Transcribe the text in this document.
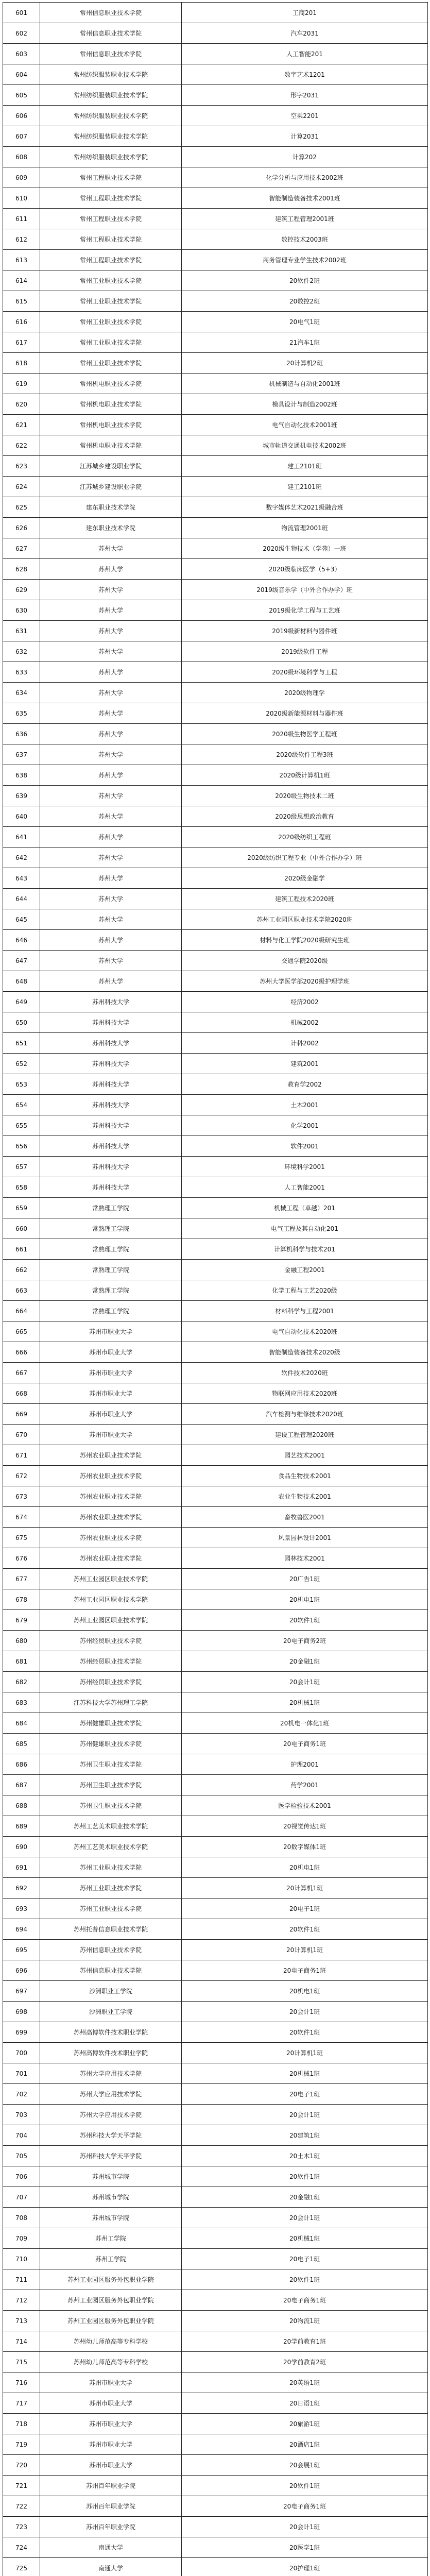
601	常州信息职业技术学院	工商201
602	常州信息职业技术学院	汽车2031
603	常州信息职业技术学院	人工智能201
604	常州纺织服装职业技术学院	数字艺术1201
605	常州纺织服装职业技术学院	形字2031
606	常州纺织服装职业技术学院	空乘2201
607	常州纺织服装职业技术学院	计算2031
608	常州纺织服装职业技术学院	计算202
609	常州工程职业技术学院	化学分析与应用技术2002班
610	常州工程职业技术学院	智能制造装备技术2001班
611	常州工程职业技术学院	建筑工程管理2001班
612	常州工程职业技术学院	数控技术2003班
613	常州工程职业技术学院	商务管理专业学生技术2002班
614	常州工业职业技术学院	20软件2班
615	常州工业职业技术学院	20数控2班
616	常州工业职业技术学院	20电气1班
617	常州工业职业技术学院	21汽车1班
618	常州工业职业技术学院	20计算机2班
619	常州机电职业技术学院	机械制造与自动化2001班
620	常州机电职业技术学院	模具设计与制造2002班
621	常州机电职业技术学院	电气自动化技术2001班
622	常州机电职业技术学院	城市轨道交通机电技术2002班
623	江苏城乡建设职业学院	建工2101班
624	江苏城乡建设职业学院	建工2101班
625	建东职业技术学院	数字媒体艺术2021级融合班
626	建东职业技术学院	物流管理2001班
627	苏州大学	2020级生物技术（学苑）一班
628	苏州大学	2020级临床医学（5+3）
629	苏州大学	2019级音乐学（中外合作办学）班
630	苏州大学	2019级化学工程与工艺班
631	苏州大学	2019级新材料与器件班
632	苏州大学	2019级软件工程
633	苏州大学	2020级环境科学与工程
634	苏州大学	2020级物理学
635	苏州大学	2020级新能源材料与器件班
636	苏州大学	2020级生物医学工程班
637	苏州大学	2020级软件工程3班
638	苏州大学	2020级计算机1班
639	苏州大学	2020级生物技术二班
640	苏州大学	2020级思想政治教育
641	苏州大学	2020级纺织工程班
642	苏州大学	2020级纺织工程专业（中外合作办学）班
643	苏州大学	2020级金融学
644	苏州大学	建筑工程技术2020班
645	苏州大学	苏州工业园区职业技术学院2020班
646	苏州大学	材料与化工学院2020级研究生班
647	苏州大学	交通学院2020级
648	苏州大学	苏州大学医学部2020级护理学班
649	苏州科技大学	经济2002
650	苏州科技大学	机械2002
651	苏州科技大学	计科2002
652	苏州科技大学	建筑2001
653	苏州科技大学	教育学2002
654	苏州科技大学	土木2001
655	苏州科技大学	化学2001
656	苏州科技大学	软件2001
657	苏州科技大学	环境科学2001
658	苏州科技大学	人工智能2001
659	常熟理工学院	机械工程（卓越）201
660	常熟理工学院	电气工程及其自动化201
661	常熟理工学院	计算机科学与技术201
662	常熟理工学院	金融工程2001
663	常熟理工学院	化学工程与工艺2020级
664	常熟理工学院	材料科学与工程2001
665	苏州市职业大学	电气自动化技术2020班
666	苏州市职业大学	智能制造装备技术2020级
667	苏州市职业大学	软件技术2020班
668	苏州市职业大学	物联网应用技术2020班
669	苏州市职业大学	汽车检测与维修技术2020班
670	苏州市职业大学	建设工程管理2020班
671	苏州农业职业技术学院	园艺技术2001
672	苏州农业职业技术学院	食品生物技术2001
673	苏州农业职业技术学院	农业生物技术2001
674	苏州农业职业技术学院	畜牧兽医2001
675	苏州农业职业技术学院	风景园林设计2001
676	苏州农业职业技术学院	园林技术2001
677	苏州工业园区职业技术学院	20广告1班
678	苏州工业园区职业技术学院	20机电1班
679	苏州工业园区职业技术学院	20软件1班
680	苏州经贸职业技术学院	20电子商务2班
681	苏州经贸职业技术学院	20金融1班
682	苏州经贸职业技术学院	20会计1班
683	江苏科技大学苏州理工学院	20机械1班
684	苏州健雄职业技术学院	20机电一体化1班
685	苏州健雄职业技术学院	20电子商务1班
686	苏州卫生职业技术学院	护理2001
687	苏州卫生职业技术学院	药学2001
688	苏州卫生职业技术学院	医学检验技术2001
689	苏州工艺美术职业技术学院	20视觉传达1班
690	苏州工艺美术职业技术学院	20数字媒体1班
691	苏州工业职业技术学院	20机电1班
692	苏州工业职业技术学院	20计算机1班
693	苏州工业职业技术学院	20电子1班
694	苏州托普信息职业技术学院	20软件1班
695	苏州信息职业技术学院	20计算机1班
696	苏州信息职业技术学院	20电子商务1班
697	沙洲职业工学院	20机电1班
698	沙洲职业工学院	20会计1班
699	苏州高博软件技术职业学院	20软件1班
700	苏州高博软件技术职业学院	20计算机1班
701	苏州大学应用技术学院	20机械1班
702	苏州大学应用技术学院	20电子1班
703	苏州大学应用技术学院	20会计1班
704	苏州科技大学天平学院	20建筑1班
705	苏州科技大学天平学院	20土木1班
706	苏州城市学院	20软件1班
707	苏州城市学院	20金融1班
708	苏州城市学院	20会计1班
709	苏州工学院	20机械1班
710	苏州工学院	20电子1班
711	苏州工业园区服务外包职业学院	20软件1班
712	苏州工业园区服务外包职业学院	20电子商务1班
713	苏州工业园区服务外包职业学院	20物流1班
714	苏州幼儿师范高等专科学校	20学前教育1班
715	苏州幼儿师范高等专科学校	20学前教育2班
716	苏州市职业大学	20英语1班
717	苏州市职业大学	20日语1班
718	苏州市职业大学	20旅游1班
719	苏州市职业大学	20酒店1班
720	苏州市职业大学	20会展1班
721	苏州百年职业学院	20软件1班
722	苏州百年职业学院	20电子商务1班
723	苏州百年职业学院	20会计1班
724	南通大学	20医学1班
725	南通大学	20护理1班
